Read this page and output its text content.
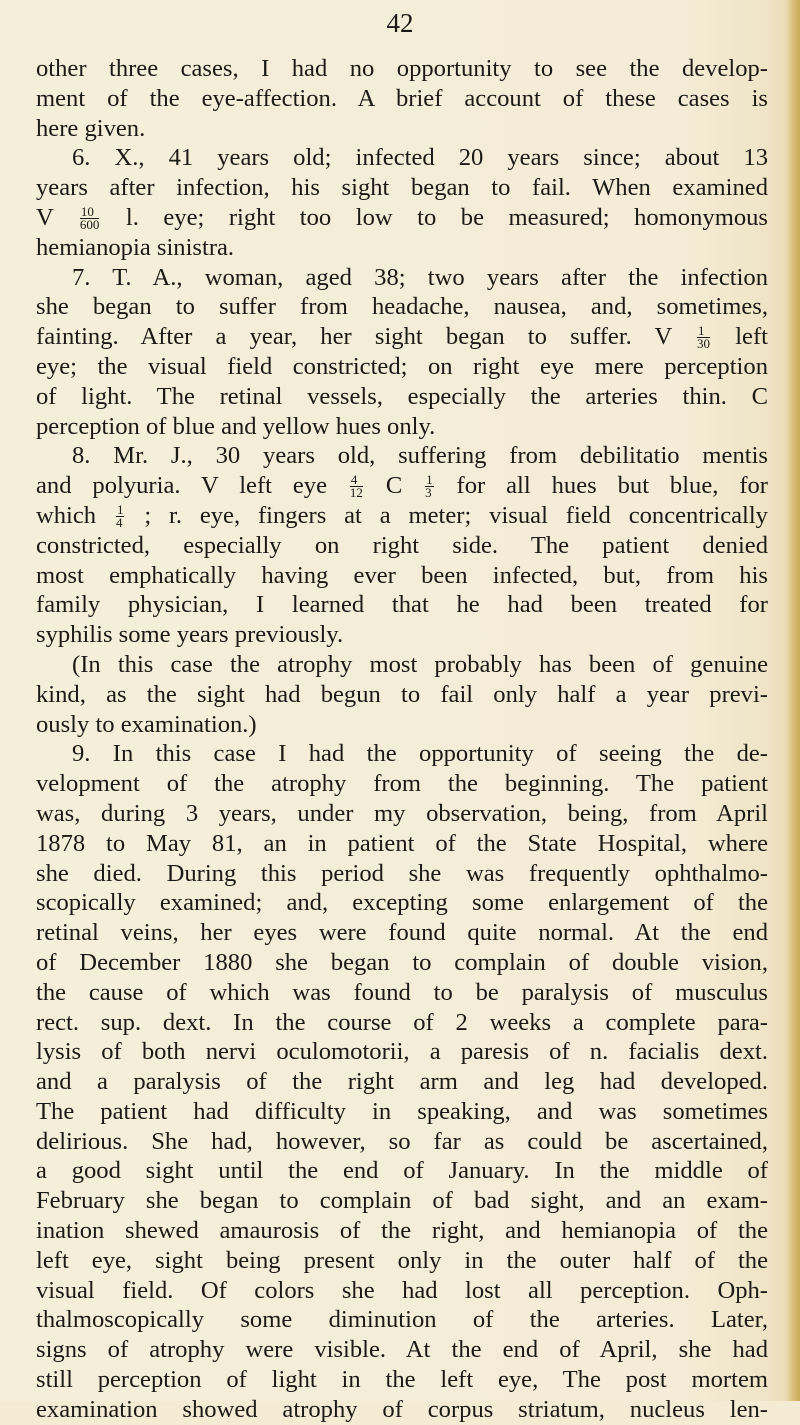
42
other three cases, I had no opportunity to see the develop-
ment of the eye-affection. A brief account of these cases is
here given.
6. X., 41 years old; infected 20 years since; about 13
years after infection, his sight began to fail. When examined
V $\frac{10}{600} l$. eye; right too low to be measured; homonymous
hemianopia sinistra.
7. T. A., woman, aged 38; two years after the infection
she began to suffer from headache, nausea, and, sometimes,
fainting. After a year, her sight began to suffer. V $\frac{1}{30}$ left
eye; the visual field constricted; on right eye mere perception
of light. The retinal vessels, especially the arteries thin. C
perception of blue and yellow hues only.
8. Mr. J., 30 years old, suffering from debilitatio mentis
and polyuria. V left eye $\frac{4}{12}$ C $\frac{1}{3}$ for all hues but blue, for
which $\frac{1}{4}$ ; r. eye, fingers at a meter; visual field concentrically
constricted, especially on right side. The patient denied
most emphatically having ever been infected, but, from his
family physician, I learned that he had been treated for
syphilis some years previously.
(In this case the atrophy most probably has been of genuine
kind, as the sight had begun to fail only half a year previ-
ously to examination.)
9. In this case I had the opportunity of seeing the de-
velopment of the atrophy from the beginning. The patient
was, during 3 years, under my observation, being, from April
1878 to May 81, an in patient of the State Hospital, where
she died. During this period she was frequently ophthalmo-
scopically examined; and, excepting some enlargement of the
retinal veins, her eyes were found quite normal. At the end
of December 1880 she began to complain of double vision,
the cause of which was found to be paralysis of musculus
rect. sup. dext. In the course of 2 weeks a complete para-
lysis of both nervi oculomotorii, a paresis of n. facialis dext.
and a paralysis of the right arm and leg had developed.
The patient had difficulty in speaking, and was sometimes
delirious. She had, however, so far as could be ascertained,
a good sight until the end of January. In the middle of
February she began to complain of bad sight, and an exam-
ination shewed amaurosis of the right, and hemianopia of the
left eye, sight being present only in the outer half of the
visual field. Of colors she had lost all perception. Oph-
thalmoscopically some diminution of the arteries. Later,
signs of atrophy were visible. At the end of April, she had
still perception of light in the left eye, The post mortem
examination showed atrophy of corpus striatum, nucleus len-
